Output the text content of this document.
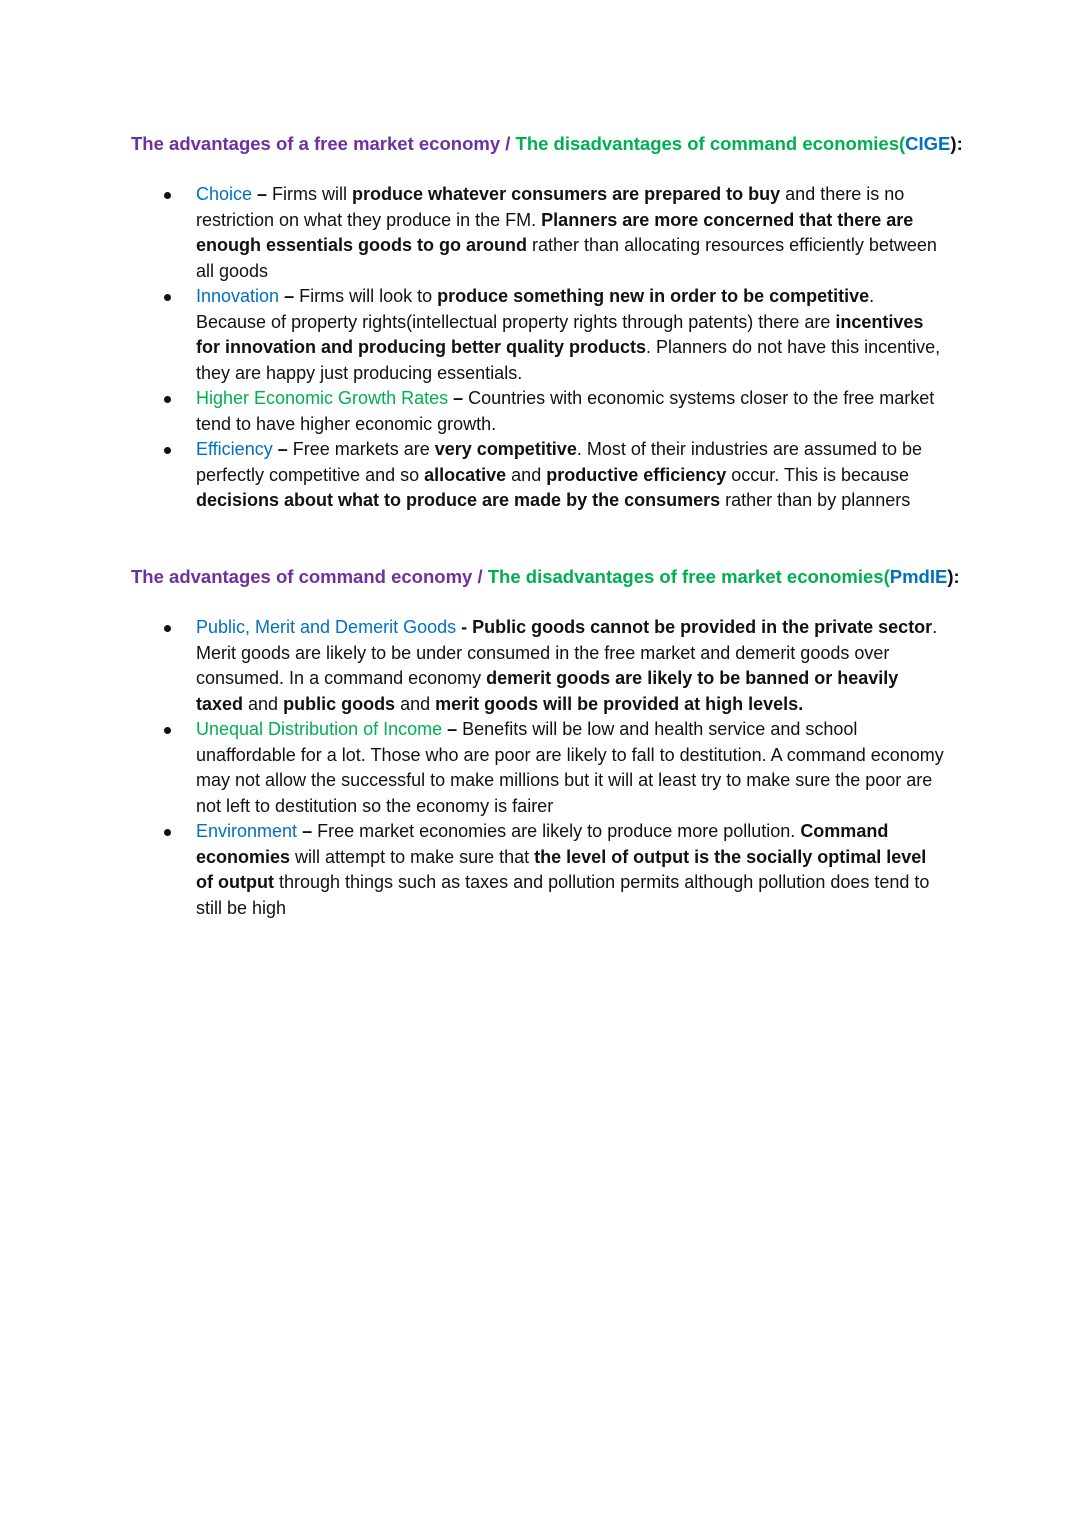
The advantages of a free market economy / The disadvantages of command economies(CIGE):
Choice – Firms will produce whatever consumers are prepared to buy and there is no restriction on what they produce in the FM. Planners are more concerned that there are enough essentials goods to go around rather than allocating resources efficiently between all goods
Innovation – Firms will look to produce something new in order to be competitive. Because of property rights(intellectual property rights through patents) there are incentives for innovation and producing better quality products. Planners do not have this incentive, they are happy just producing essentials.
Higher Economic Growth Rates – Countries with economic systems closer to the free market tend to have higher economic growth.
Efficiency – Free markets are very competitive. Most of their industries are assumed to be perfectly competitive and so allocative and productive efficiency occur. This is because decisions about what to produce are made by the consumers rather than by planners
The advantages of command economy / The disadvantages of free market economies(PmdIE):
Public, Merit and Demerit Goods - Public goods cannot be provided in the private sector. Merit goods are likely to be under consumed in the free market and demerit goods over consumed. In a command economy demerit goods are likely to be banned or heavily taxed and public goods and merit goods will be provided at high levels.
Unequal Distribution of Income – Benefits will be low and health service and school unaffordable for a lot. Those who are poor are likely to fall to destitution. A command economy may not allow the successful to make millions but it will at least try to make sure the poor are not left to destitution so the economy is fairer
Environment – Free market economies are likely to produce more pollution. Command economies will attempt to make sure that the level of output is the socially optimal level of output through things such as taxes and pollution permits although pollution does tend to still be high
